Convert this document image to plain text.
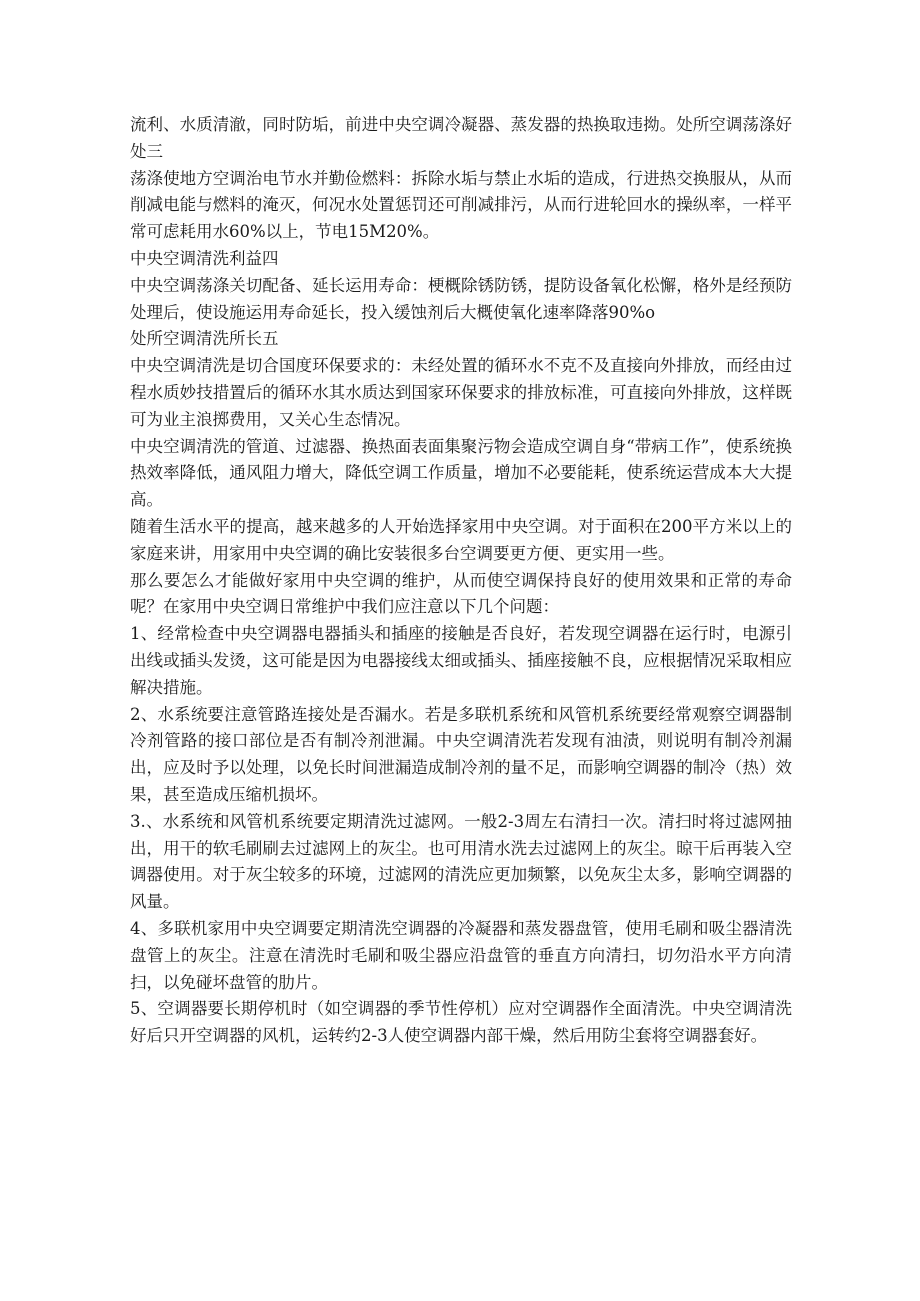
流利、水质清澈，同时防垢，前进中央空调冷凝器、蒸发器的热换取违拗。处所空调荡涤好处三

荡涤使地方空调治电节水并勤俭燃料：拆除水垢与禁止水垢的造成，行进热交换服从，从而削减电能与燃料的淹灭，何况水处置惩罚还可削减排污，从而行进轮回水的操纵率，一样平常可虑耗用水60%以上，节电15M20%。

中央空调清洗利益四

中央空调荡涤关切配备、延长运用寿命：梗概除锈防锈，提防设备氧化松懈，格外是经预防处理后，使设施运用寿命延长，投入缓蚀剂后大概使氧化速率降落90%o

处所空调清洗所长五

中央空调清洗是切合国度环保要求的：未经处置的循环水不克不及直接向外排放，而经由过程水质妙技措置后的循环水其水质达到国家环保要求的排放标准，可直接向外排放，这样既可为业主浪掷费用，又关心生态情况。

中央空调清洗的管道、过滤器、换热面表面集聚污物会造成空调自身“带病工作”，使系统换热效率降低，通风阻力增大，降低空调工作质量，增加不必要能耗，使系统运营成本大大提高。

随着生活水平的提高，越来越多的人开始选择家用中央空调。对于面积在200平方米以上的家庭来讲，用家用中央空调的确比安装很多台空调要更方便、更实用一些。

那么要怎么才能做好家用中央空调的维护，从而使空调保持良好的使用效果和正常的寿命呢？在家用中央空调日常维护中我们应注意以下几个问题：

1、经常检查中央空调器电器插头和插座的接触是否良好，若发现空调器在运行时，电源引出线或插头发烫，这可能是因为电器接线太细或插头、插座接触不良，应根据情况采取相应解决措施。

2、水系统要注意管路连接处是否漏水。若是多联机系统和风管机系统要经常观察空调器制冷剂管路的接口部位是否有制冷剂泄漏。中央空调清洗若发现有油渍，则说明有制冷剂漏出，应及时予以处理，以免长时间泄漏造成制冷剂的量不足，而影响空调器的制冷（热）效果，甚至造成压缩机损坏。

3.、水系统和风管机系统要定期清洗过滤网。一般2-3周左右清扫一次。清扫时将过滤网抽出，用干的软毛刷刷去过滤网上的灰尘。也可用清水洗去过滤网上的灰尘。晾干后再装入空调器使用。对于灰尘较多的环境，过滤网的清洗应更加频繁，以免灰尘太多，影响空调器的风量。

4、多联机家用中央空调要定期清洗空调器的冷凝器和蒸发器盘管，使用毛刷和吸尘器清洗盘管上的灰尘。注意在清洗时毛刷和吸尘器应沿盘管的垂直方向清扫，切勿沿水平方向清扫，以免碰坏盘管的肋片。

5、空调器要长期停机时（如空调器的季节性停机）应对空调器作全面清洗。中央空调清洗好后只开空调器的风机，运转约2-3人使空调器内部干燥，然后用防尘套将空调器套好。
